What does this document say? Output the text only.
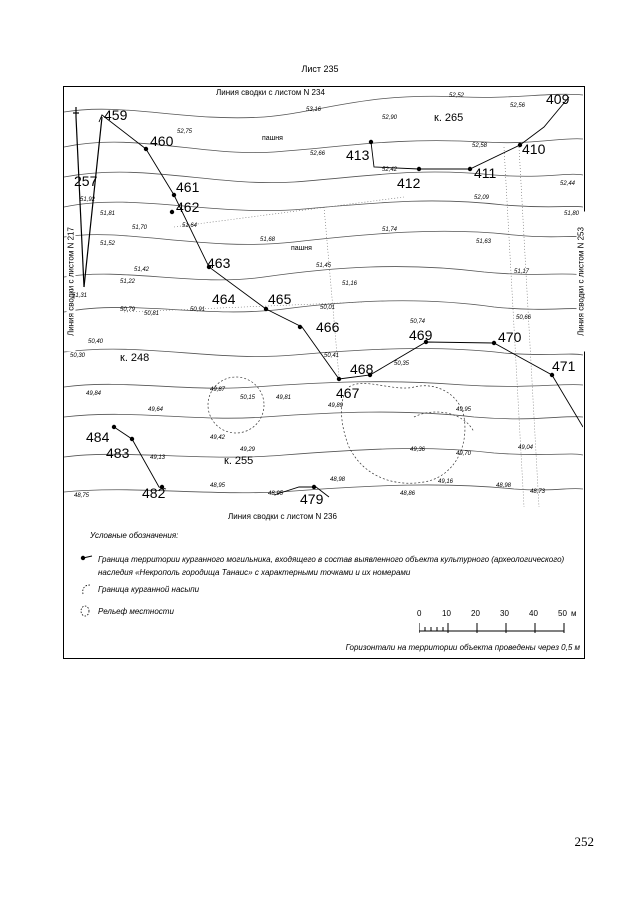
Лист 235
Линия сводки с листом N 234
Линия сводки с листом N 236
Линия сводки с листом N 217	Линия сводки с листом N 253
к. 265
к. 248
к. 255
пашня
пашня
459
460
461
462
463
464 465
466
467
468
469	470
471
410
411
412
413
409
257
479
482
483
484
52,75
53,16
52,90
52,66
52,42
52,56
52,58
52,44
52,09
51,92
51,81
51,70	51,64
51,68
51,74
51,63
51,80
51,52
51,42
51,45
51,22
51,31
51,16
51,17
50,79
50,81
50,91
50,40
50,74
50,66
50,41
50,35
50,30
50,01
49,84
49,87
50,15	49,81
49,64
49,89
49,95
49,42
49,13
49,29	49,36
49,70
49,04
48,98	49,16
48,98
48,95
48,95	48,86	48,73
48,75
52,52
Условные обозначения:
Граница территории курганного могильника, входящего в состав выявленного объекта культурного (археологического) наследия «Некрополь городища Танаис» с характерными точками и их номерами
Граница курганной насыпи
Рельеф местности	0	10	20	30	40	50 м
Горизонтали на территории объекта проведены через 0,5 м
252
